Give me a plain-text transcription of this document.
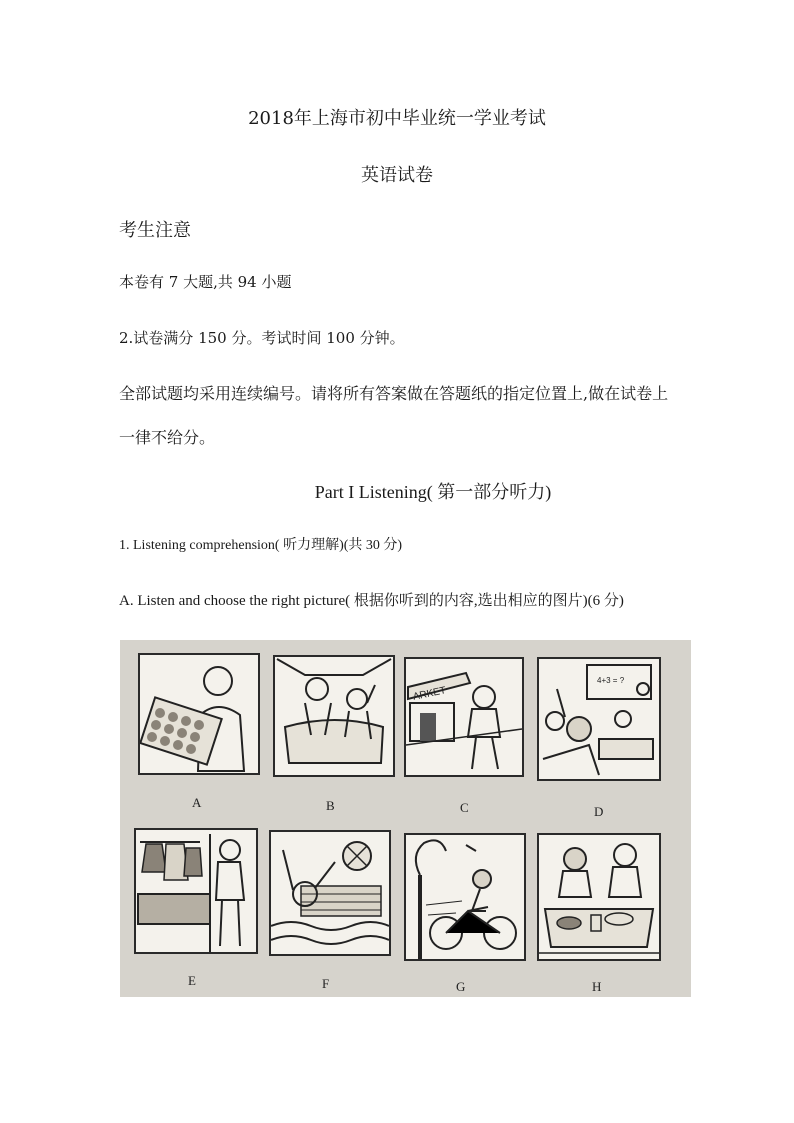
2018年上海市初中毕业统一学业考试
英语试卷
考生注意
本卷有 7 大题,共 94 小题
2.试卷满分 150 分。考试时间 100 分钟。
全部试题均采用连续编号。请将所有答案做在答题纸的指定位置上,做在试卷上
一律不给分。
Part I Listening( 第一部分听力)
1. Listening comprehension( 听力理解)(共 30 分)
A. Listen and choose the right picture( 根据你听到的内容,选出相应的图片)(6 分)
A	B
ARKET
C
4+3 = ?
D
E	F	G	H
